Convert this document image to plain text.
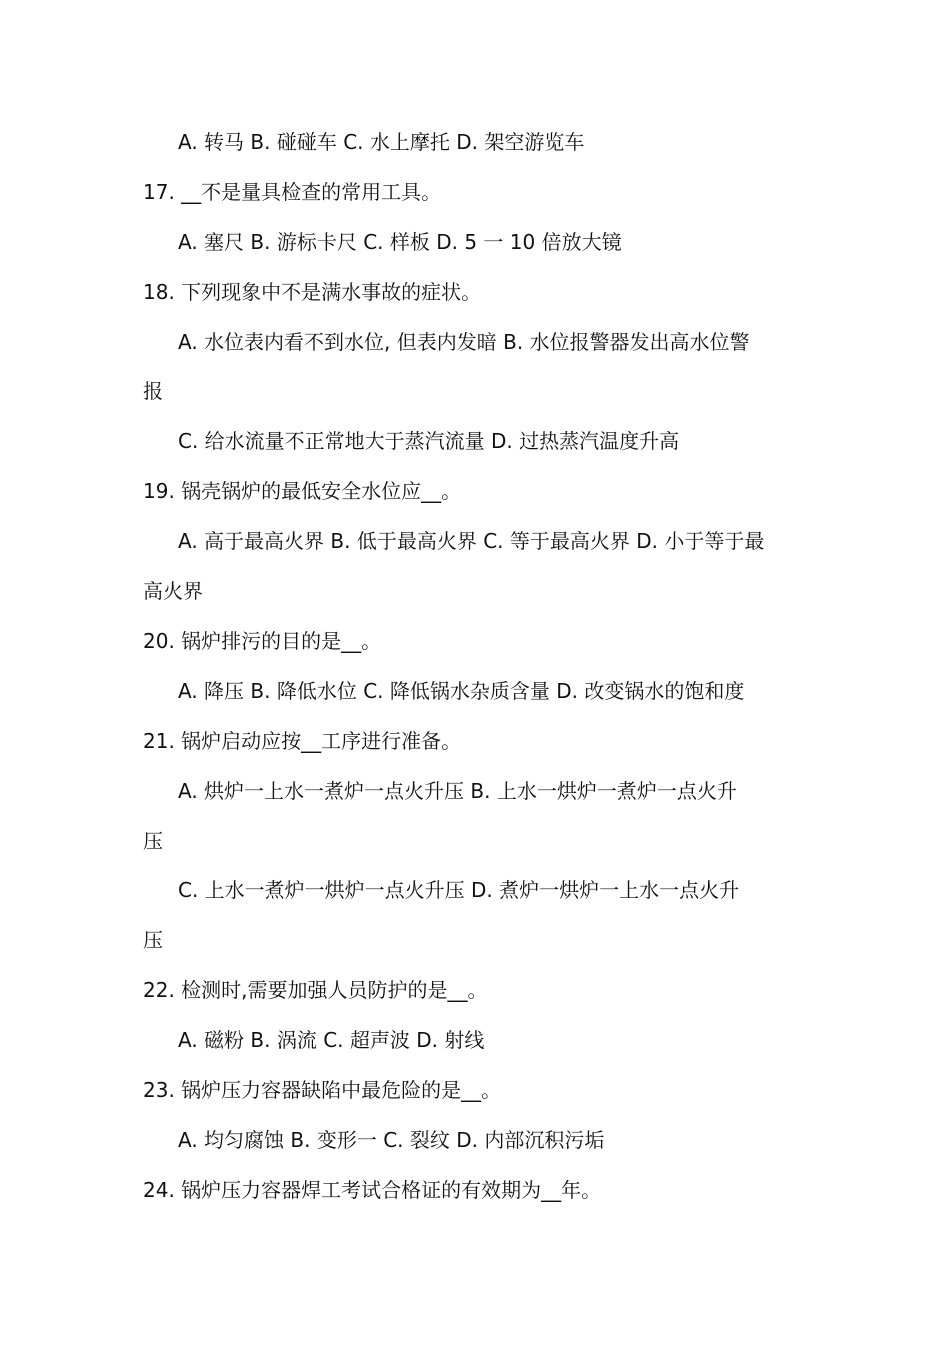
A. 转马 B. 碰碰车 C. 水上摩托 D. 架空游览车
17. __不是量具检查的常用工具。
A. 塞尺 B. 游标卡尺 C. 样板 D. 5 一 10 倍放大镜
18. 下列现象中不是满水事故的症状。
A. 水位表内看不到水位, 但表内发暗 B. 水位报警器发出高水位警
报
C. 给水流量不正常地大于蒸汽流量 D. 过热蒸汽温度升高
19. 锅壳锅炉的最低安全水位应__。
A. 高于最高火界 B. 低于最高火界 C. 等于最高火界 D. 小于等于最
高火界
20. 锅炉排污的目的是__。
A. 降压 B. 降低水位 C. 降低锅水杂质含量 D. 改变锅水的饱和度
21. 锅炉启动应按__工序进行准备。
A. 烘炉一上水一煮炉一点火升压 B. 上水一烘炉一煮炉一点火升
压
C. 上水一煮炉一烘炉一点火升压 D. 煮炉一烘炉一上水一点火升
压
22. 检测时,需要加强人员防护的是__。
A. 磁粉 B. 涡流 C. 超声波 D. 射线
23. 锅炉压力容器缺陷中最危险的是__。
A. 均匀腐蚀 B. 变形一 C. 裂纹 D. 内部沉积污垢
24. 锅炉压力容器焊工考试合格证的有效期为__年。
